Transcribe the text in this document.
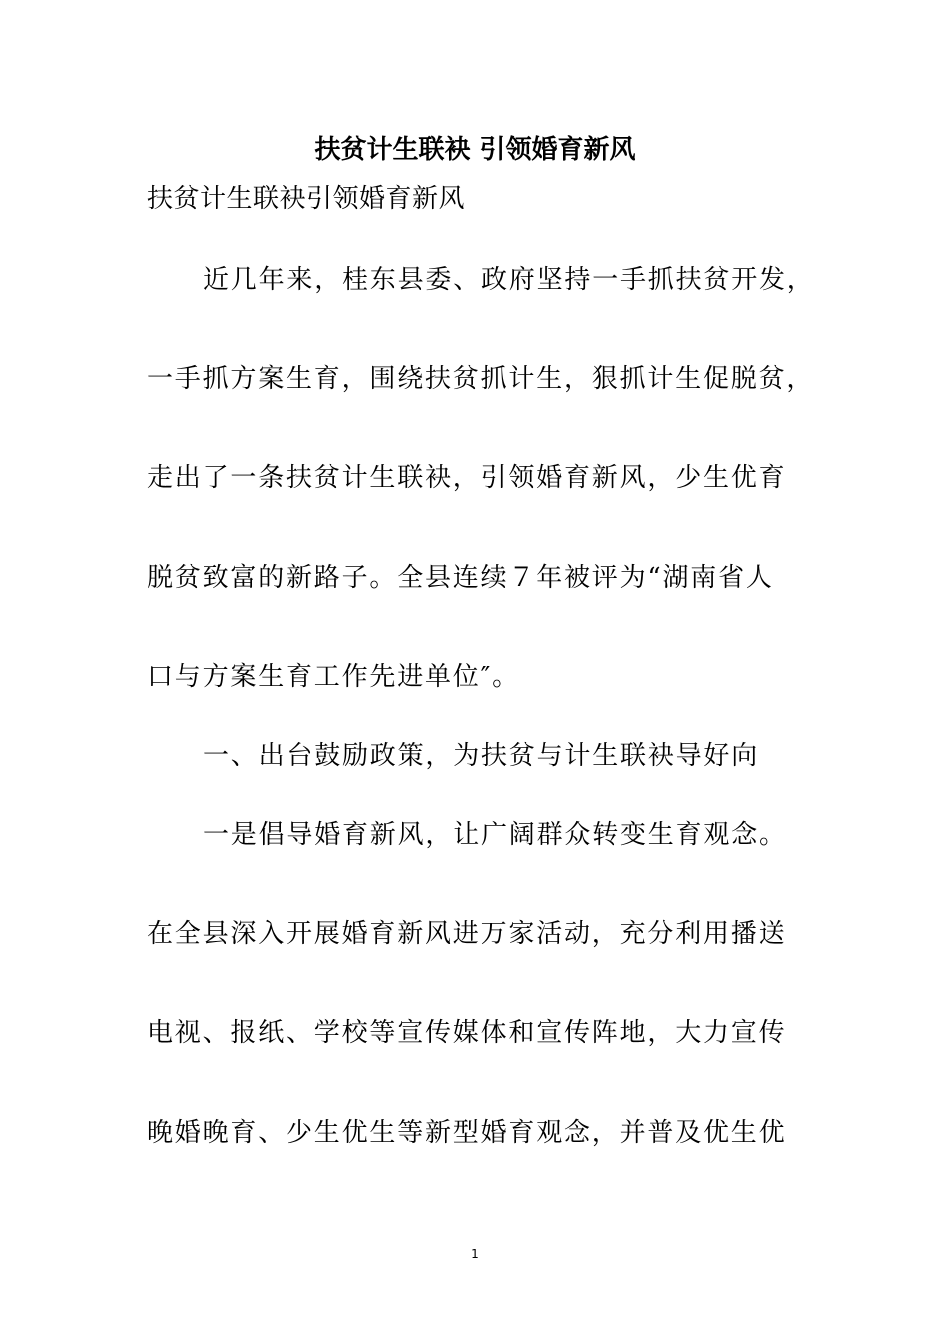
扶贫计生联袂 引领婚育新风
扶贫计生联袂引领婚育新风
近几年来，桂东县委、政府坚持一手抓扶贫开发，
一手抓方案生育，围绕扶贫抓计生，狠抓计生促脱贫，
走出了一条扶贫计生联袂，引领婚育新风，少生优育
脱贫致富的新路子。全县连续７年被评为“湖南省人
口与方案生育工作先进单位″。
一、出台鼓励政策，为扶贫与计生联袂导好向
一是倡导婚育新风，让广阔群众转变生育观念。
在全县深入开展婚育新风进万家活动，充分利用播送
电视、报纸、学校等宣传媒体和宣传阵地，大力宣传
晚婚晚育、少生优生等新型婚育观念，并普及优生优
1
